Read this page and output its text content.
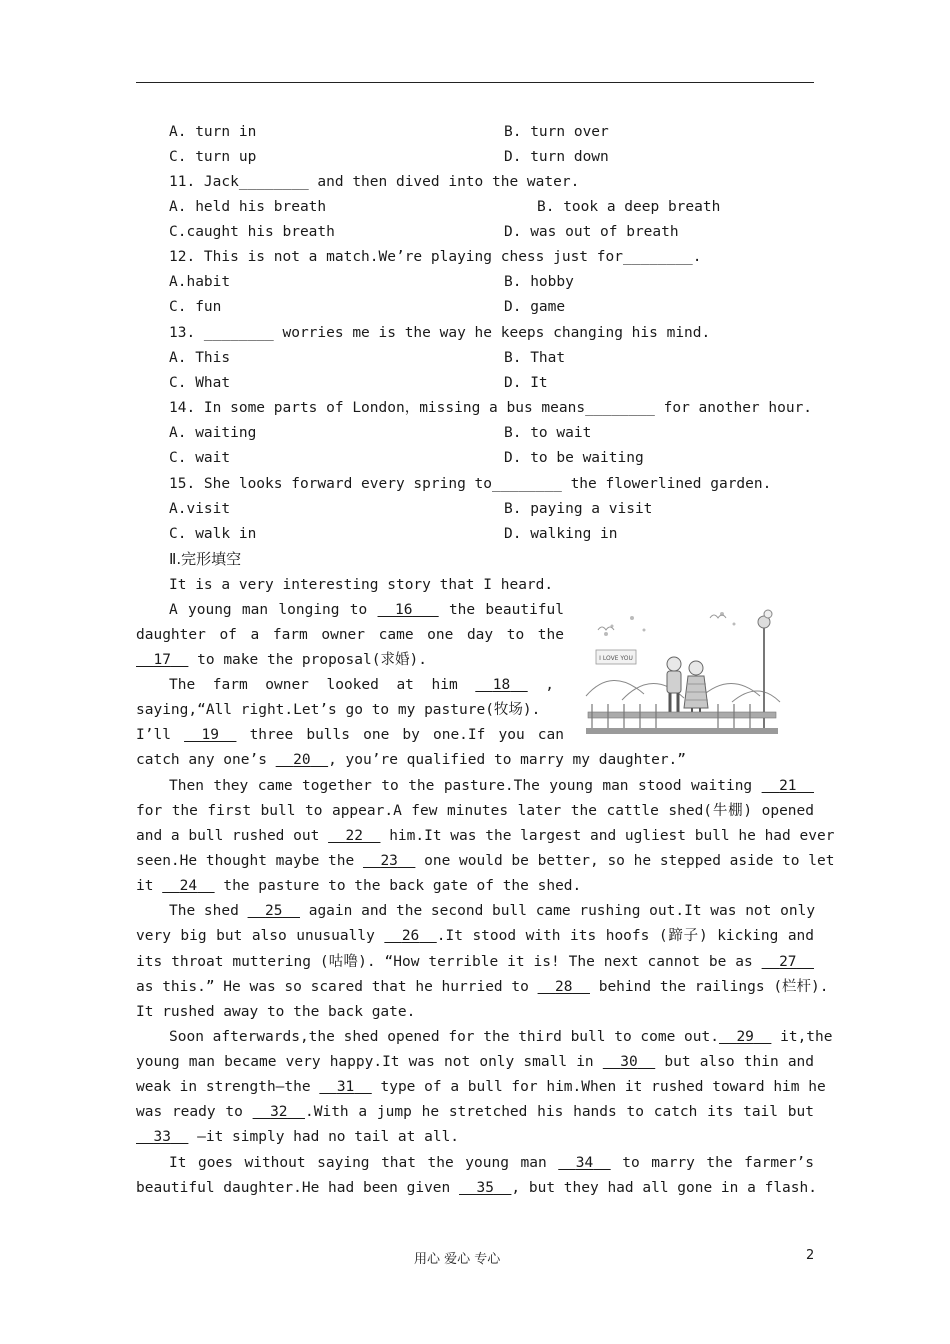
A. turn in	B. turn over
C. turn up	D. turn down
11. Jack________ and then dived into the water.
A. held his breath	B. took a deep breath
C.caught his breath	D. was out of breath
12. This is not a match.We’re playing chess just for________.
A.habit	B. hobby
C. fun	D. game
13. ________ worries me is the way he keeps changing his mind.
A. This	B. That
C. What	D. It
14. In some parts of London，missing a bus means________ for another hour.
A. waiting	B. to wait
C. wait	D. to be waiting
15. She looks forward every spring to________ the flowerlined garden.
A.visit	B. paying a visit
C. walk in	D. walking in
Ⅱ.完形填空
It is a very interesting story that I heard.
A young man longing to 16	the beautiful
daughter of a farm owner came one day to the
17   to make the proposal(求婚).
The farm owner looked at him 18 ,
saying,“All right.Let’s go to my pasture(牧场).
I’ll 19 three bulls one by one.If you can
catch any one’s 20 , you’re qualified to marry my daughter.”
I LOVE YOU
Then they came together to the pasture.The young man stood waiting 21
for the first bull to appear.A few minutes later the cattle shed(牛棚) opened
and a bull rushed out 22 him.It was the largest and ugliest bull he had ever
seen.He thought maybe the 23 one would be better, so he stepped aside to let
it 24 the pasture to the back gate of the shed.
The shed 25 again and the second bull came rushing out.It was not only
very big but also unusually 26 .It stood with its hoofs (蹄子) kicking and
its throat muttering (咕噜). “How terrible it is! The next cannot be as 27
as this.” He was so scared that he hurried to 28 behind the railings (栏杆).
It rushed away to the back gate.
Soon afterwards,the shed opened for the third bull to come out. 29   it,the
young man became very happy.It was not only small in 30 but also thin and
weak in strength—the 31 type of a bull for him.When it rushed toward him he
was ready to 32 .With a jump he stretched his hands to catch its tail but
33   —it simply had no tail at all.
It goes without saying that the young man 34 to marry the farmer’s
beautiful daughter.He had been given 35 , but they had all gone in a flash.
用心 爱心 专心	2
